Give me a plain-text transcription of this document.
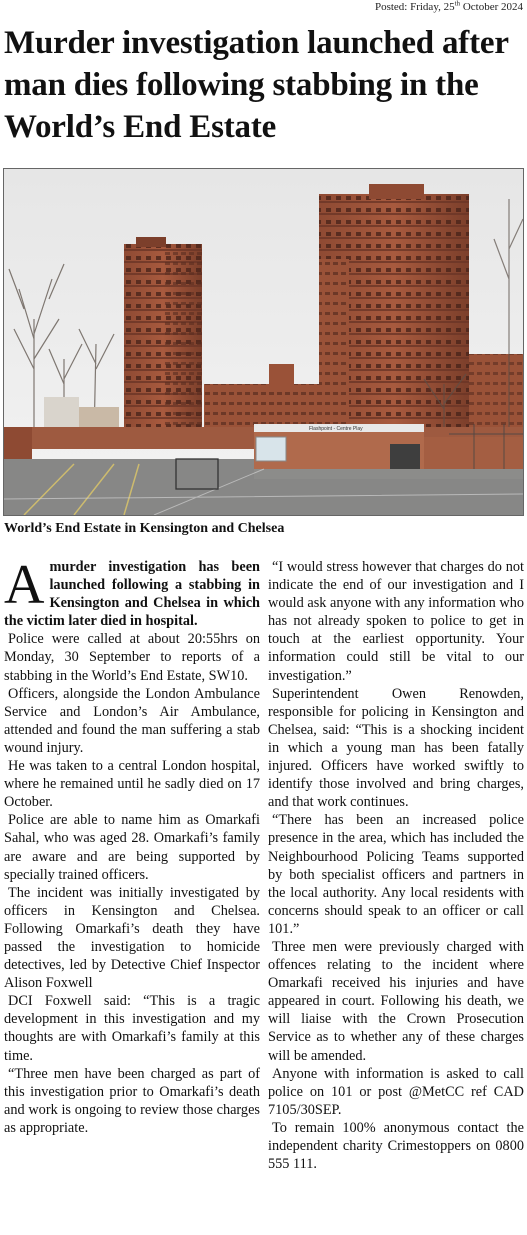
Posted: Friday, 25th October 2024
Murder investigation launched after man dies following stabbing in the World’s End Estate
Flashpoint - Centre Play
World’s End Estate in Kensington and Chelsea

Amurder investigation has been launched following a stabbing in Kensington and Chelsea in which the victim later died in hospital.

Police were called at about 20:55hrs on Monday, 30 September to reports of a stabbing in the World’s End Estate, SW10.

Officers, alongside the London Ambulance Service and London’s Air Ambulance, attended and found the man suffering a stab wound injury.

He was taken to a central London hospital, where he remained until he sadly died on 17 October.

Police are able to name him as Omarkafi Sahal, who was aged 28. Omarkafi’s family are aware and are being supported by specially trained officers.

The incident was initially investigated by officers in Kensington and Chelsea. Following Omarkafi’s death they have passed the investigation to homicide detectives, led by Detective Chief Inspector Alison Foxwell

DCI Foxwell said: “This is a tragic development in this investigation and my thoughts are with Omarkafi’s family at this time.

“Three men have been charged as part of this investigation prior to Omarkafi’s death and work is ongoing to review those charges as appropriate.

“I would stress however that charges do not indicate the end of our investigation and I would ask anyone with any information who has not already spoken to police to get in touch at the earliest opportunity. Your information could still be vital to our investigation.”

Superintendent Owen Renowden, responsible for policing in Kensington and Chelsea, said: “This is a shocking incident in which a young man has been fatally injured. Officers have worked swiftly to identify those involved and bring charges, and that work continues.

“There has been an increased police presence in the area, which has included the Neighbourhood Policing Teams supported by both specialist officers and partners in the local authority. Any local residents with concerns should speak to an officer or call 101.”

Three men were previously charged with offences relating to the incident where Omarkafi received his injuries and have appeared in court. Following his death, we will liaise with the Crown Prosecution Service as to whether any of these charges will be amended.

Anyone with information is asked to call police on 101 or post @MetCC ref CAD 7105/30SEP.

To remain 100% anonymous contact the independent charity Crimestoppers on 0800 555 111.
